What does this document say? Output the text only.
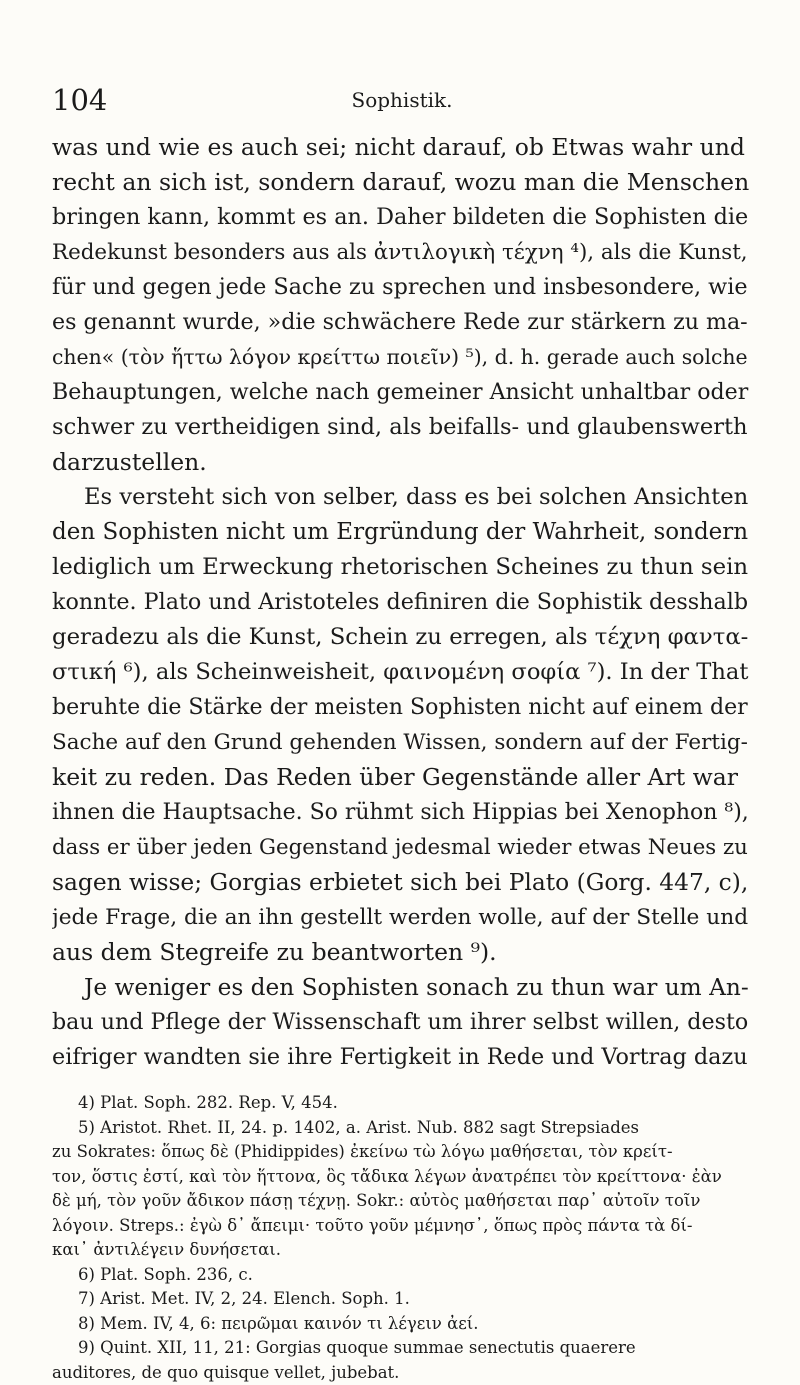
104	Sophistik.
was und wie es auch sei; nicht darauf, ob Etwas wahr und
recht an sich ist, sondern darauf, wozu man die Menschen
bringen kann, kommt es an. Daher bildeten die Sophisten die
Redekunst besonders aus als ἀντιλογικὴ τέχνη ⁴), als die Kunst,
für und gegen jede Sache zu sprechen und insbesondere, wie
es genannt wurde, »die schwächere Rede zur stärkern zu ma-
chen« (τὸν ἥττω λόγον κρείττω ποιεῖν) ⁵), d. h. gerade auch solche
Behauptungen, welche nach gemeiner Ansicht unhaltbar oder
schwer zu vertheidigen sind, als beifalls- und glaubenswerth
darzustellen.
Es versteht sich von selber, dass es bei solchen Ansichten
den Sophisten nicht um Ergründung der Wahrheit, sondern
lediglich um Erweckung rhetorischen Scheines zu thun sein
konnte. Plato und Aristoteles definiren die Sophistik desshalb
geradezu als die Kunst, Schein zu erregen, als τέχνη φαντα-
στική ⁶), als Scheinweisheit, φαινομένη σοφία ⁷). In der That
beruhte die Stärke der meisten Sophisten nicht auf einem der
Sache auf den Grund gehenden Wissen, sondern auf der Fertig-
keit zu reden. Das Reden über Gegenstände aller Art war
ihnen die Hauptsache. So rühmt sich Hippias bei Xenophon ⁸),
dass er über jeden Gegenstand jedesmal wieder etwas Neues zu
sagen wisse; Gorgias erbietet sich bei Plato (Gorg. 447, c),
jede Frage, die an ihn gestellt werden wolle, auf der Stelle und
aus dem Stegreife zu beantworten ⁹).
Je weniger es den Sophisten sonach zu thun war um An-
bau und Pflege der Wissenschaft um ihrer selbst willen, desto
eifriger wandten sie ihre Fertigkeit in Rede und Vortrag dazu
4) Plat. Soph. 282. Rep. V, 454.
5) Aristot. Rhet. II, 24. p. 1402, a. Arist. Nub. 882 sagt Strepsiades
zu Sokrates: ὅπως δὲ (Phidippides) ἐκείνω τὼ λόγω μαθήσεται, τὸν κρείτ-
τον, ὅστις ἐστί, καὶ τὸν ἥττονα, ὃς τἄδικα λέγων ἀνατρέπει τὸν κρείττονα· ἐὰν
δὲ μή, τὸν γοῦν ἄδικον πάσῃ τέχνῃ. Sokr.: αὐτὸς μαθήσεται παρ᾽ αὐτοῖν τοῖν
λόγοιν. Streps.: ἐγὼ δ᾽ ἄπειμι· τοῦτο γοῦν μέμνησ᾽, ὅπως πρὸς πάντα τὰ δί-
και᾽ ἀντιλέγειν δυνήσεται.
6) Plat. Soph. 236, c.
7) Arist. Met. IV, 2, 24. Elench. Soph. 1.
8) Mem. IV, 4, 6: πειρῶμαι καινόν τι λέγειν ἀεί.
9) Quint. XII, 11, 21: Gorgias quoque summae senectutis quaerere
auditores, de quo quisque vellet, jubebat.
